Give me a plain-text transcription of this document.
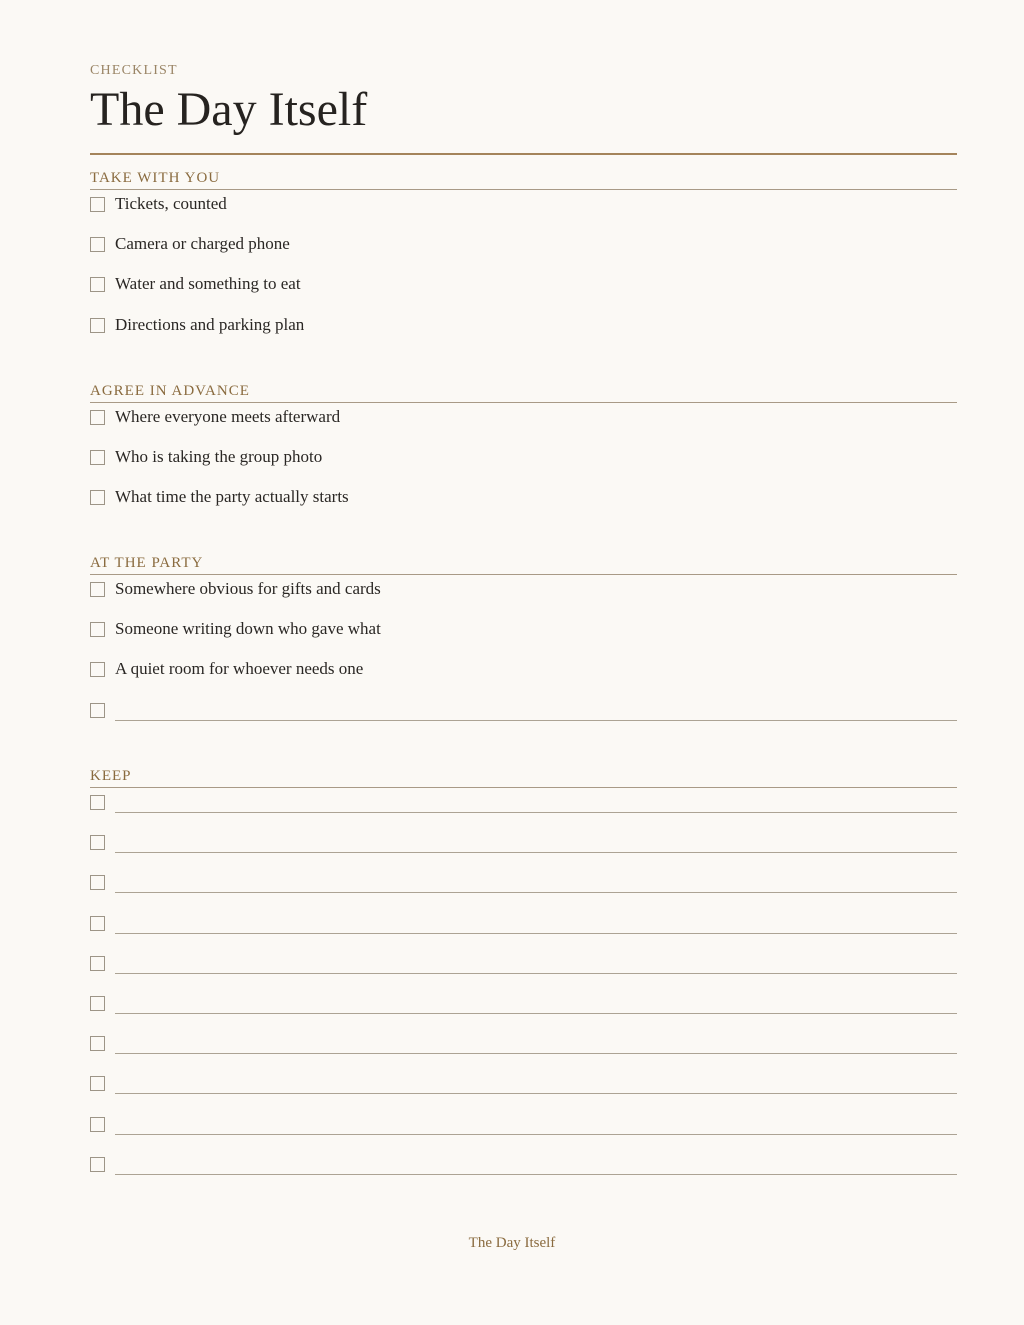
CHECKLIST
The Day Itself
TAKE WITH YOU
Tickets, counted
Camera or charged phone
Water and something to eat
Directions and parking plan
AGREE IN ADVANCE
Where everyone meets afterward
Who is taking the group photo
What time the party actually starts
AT THE PARTY
Somewhere obvious for gifts and cards
Someone writing down who gave what
A quiet room for whoever needs one
KEEP
The Day Itself
